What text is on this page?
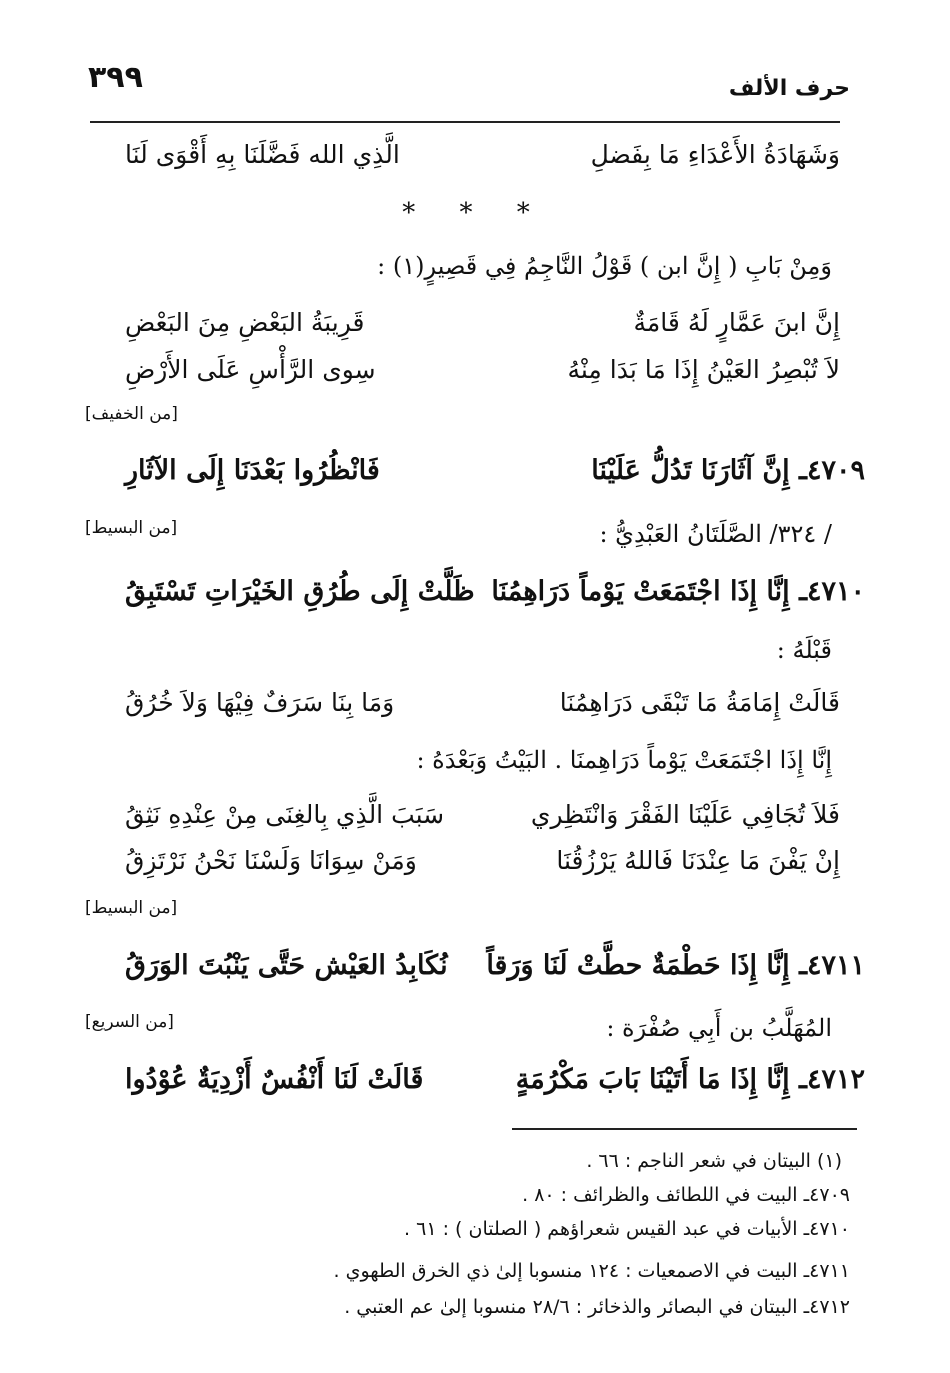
حرف الألف
٣٩٩
وَشَهَادَةُ الأَعْدَاءِ مَا بِفَضلِ
الَّذِي الله فَضَّلَنَا بِهِ أَقْوَى لَنَا
* * *
وَمِنْ بَابِ ( إِنَّ ابن ) قَوْلُ النَّاجِمُ فِي قَصِيرٍ(١) :
إِنَّ ابنَ عَمَّارٍ لَهُ قَامَةٌ
قَرِيبَةُ البَعْضِ مِنَ البَعْضِ
لاَ تُبْصِرُ العَيْنُ إِذَا مَا بَدَا مِنْهُ
سِوى الرَّأْسِ عَلَى الأَرْضِ
[من الخفيف]
٤٧٠٩ـ إِنَّ آثَارَنَا تَدُلُّ عَلَيْنَا
فَانْظُرُوا بَعْدَنَا إِلَى الآثَارِ
/ ٣٢٤/ الصَّلَتَانُ العَبْدِيُّ :
[من البسيط]
٤٧١٠ـ إِنَّا إِذَا اجْتَمَعَتْ يَوْماً دَرَاهِمُنَا
ظَلَّتْ إِلَى طُرُقِ الخَيْرَاتِ تَسْتَبِقُ
قَبْلَهُ :
قَالَتْ إِمَامَةُ مَا تَبْقَى دَرَاهِمُنَا
وَمَا بِنَا سَرَفٌ فِيْهَا وَلاَ خُرُقُ
إِنَّا إِذَا اجْتَمَعَتْ يَوْماً دَرَاهِمنَا . البَيْتُ وَبَعْدَهُ :
فَلاَ تُجَافِي عَلَيْنَا الفَقْرَ وَانْتَظِري
سَبَبَ الَّذِي بِالغِنَى مِنْ عِنْدِهِ نَثِقُ
إِنْ يَفْنَ مَا عِنْدَنَا فَاللهُ يَرْزُقُنَا
وَمَنْ سِوَانَا وَلَسْنَا نَحْنُ نَرْتَزِقُ
[من البسيط]
٤٧١١ـ إِنَّا إِذَا حَطْمَةٌ حطَّتْ لَنَا وَرَقاً
نُكَابِدُ العَيْش حَتَّى يَنْبُتَ الوَرَقُ
المُهَلَّبُ بن أَبِي صُفْرَة :
[من السريع]
٤٧١٢ـ إِنَّا إِذَا مَا أَتَيْنَا بَابَ مَكْرُمَةٍ
قَالَتْ لَنَا أَنْفُسٌ أَزْدِيَةٌ عُوْدُوا
(١) البيتان في شعر الناجم : ٦٦ .
٤٧٠٩ـ البيت في اللطائف والظرائف : ٨٠ .
٤٧١٠ـ الأبيات في عبد القيس شعراؤهم ( الصلتان ) : ٦١ .
٤٧١١ـ البيت في الاصمعيات : ١٢٤ منسوبا إلىٰ ذي الخرق الطهوي .
٤٧١٢ـ البيتان في البصائر والذخائر : ٢٨/٦ منسوبا إلىٰ عم العتبي .
